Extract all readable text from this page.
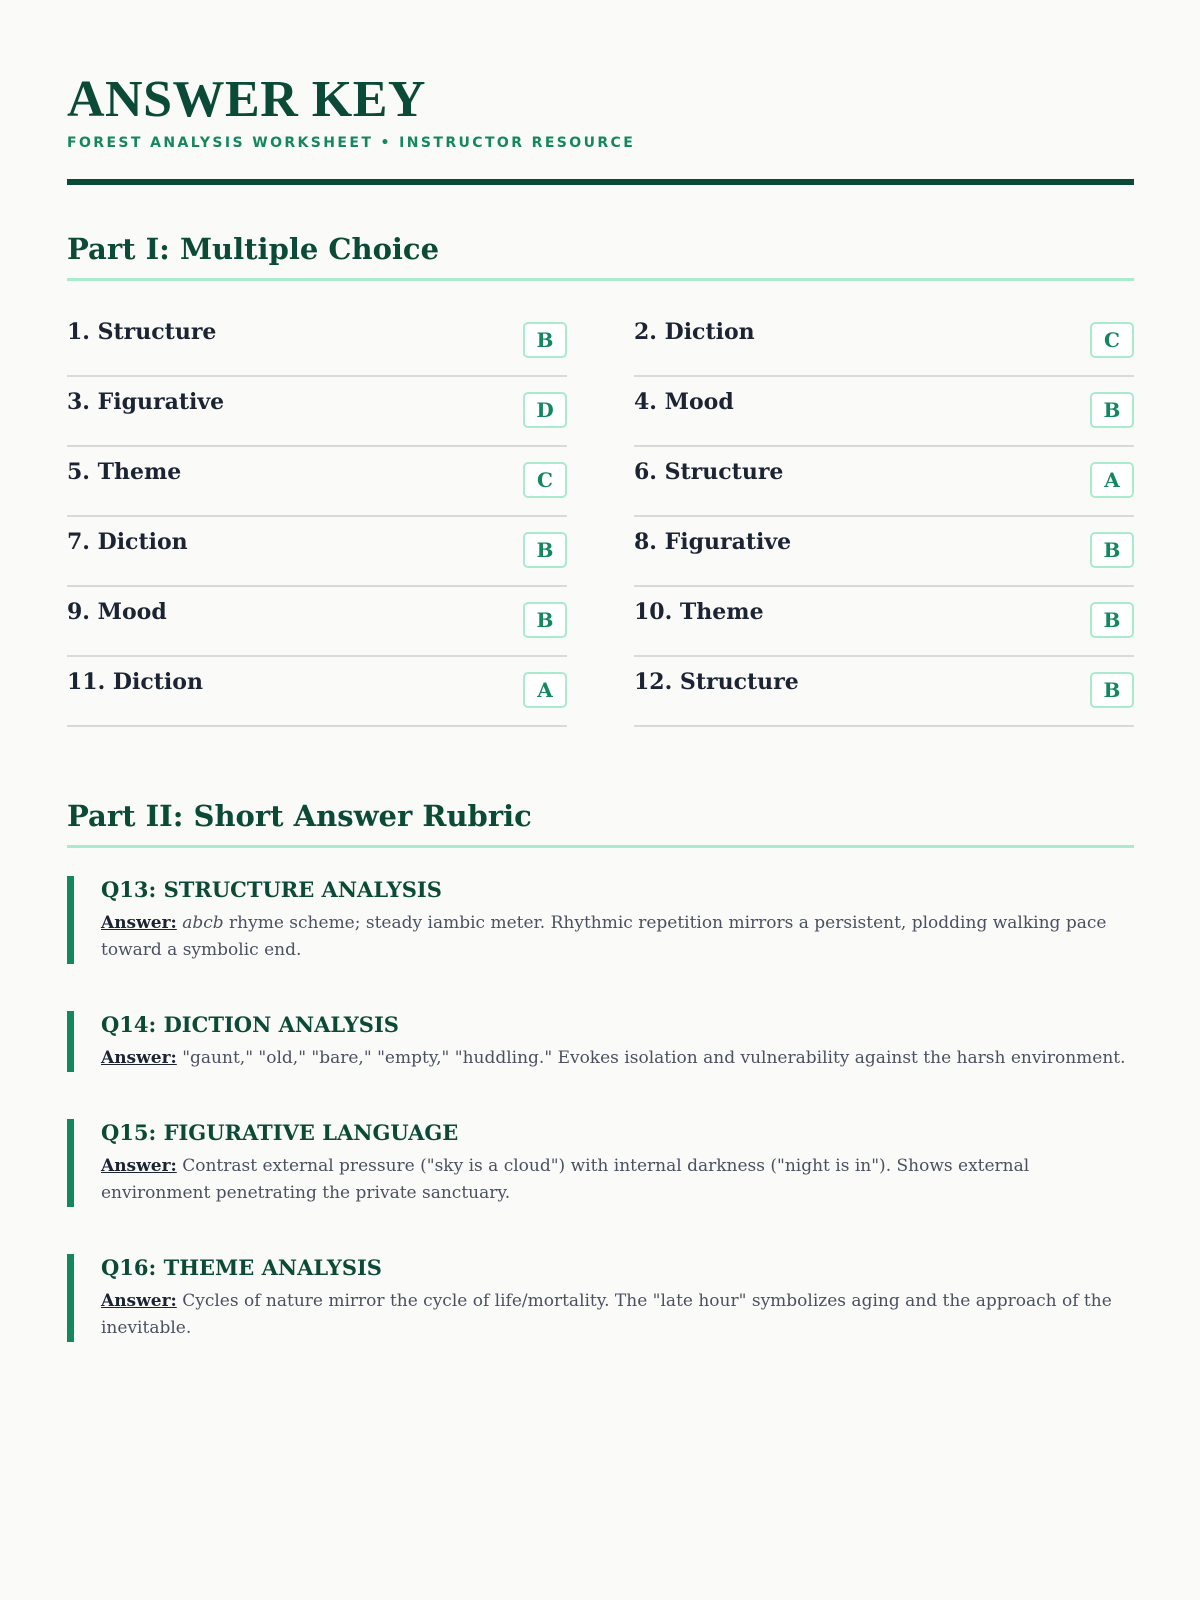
ANSWER KEY
FOREST ANALYSIS WORKSHEET • INSTRUCTOR RESOURCE
Part I: Multiple Choice
1. Structure	B	2. Diction	C
3. Figurative	D	4. Mood	B
5. Theme	C	6. Structure	A
7. Diction	B	8. Figurative	B
9. Mood	B	10. Theme	B
11. Diction	A	12. Structure	B
Part II: Short Answer Rubric
Q13: STRUCTURE ANALYSIS

Answer: abcb rhyme scheme; steady iambic meter. Rhythmic repetition mirrors a persistent, plodding walking pace toward a symbolic end.

Q14: DICTION ANALYSIS

Answer: "gaunt," "old," "bare," "empty," "huddling." Evokes isolation and vulnerability against the harsh environment.

Q15: FIGURATIVE LANGUAGE

Answer: Contrast external pressure ("sky is a cloud") with internal darkness ("night is in"). Shows external environment penetrating the private sanctuary.

Q16: THEME ANALYSIS

Answer: Cycles of nature mirror the cycle of life/mortality. The "late hour" symbolizes aging and the approach of the inevitable.
